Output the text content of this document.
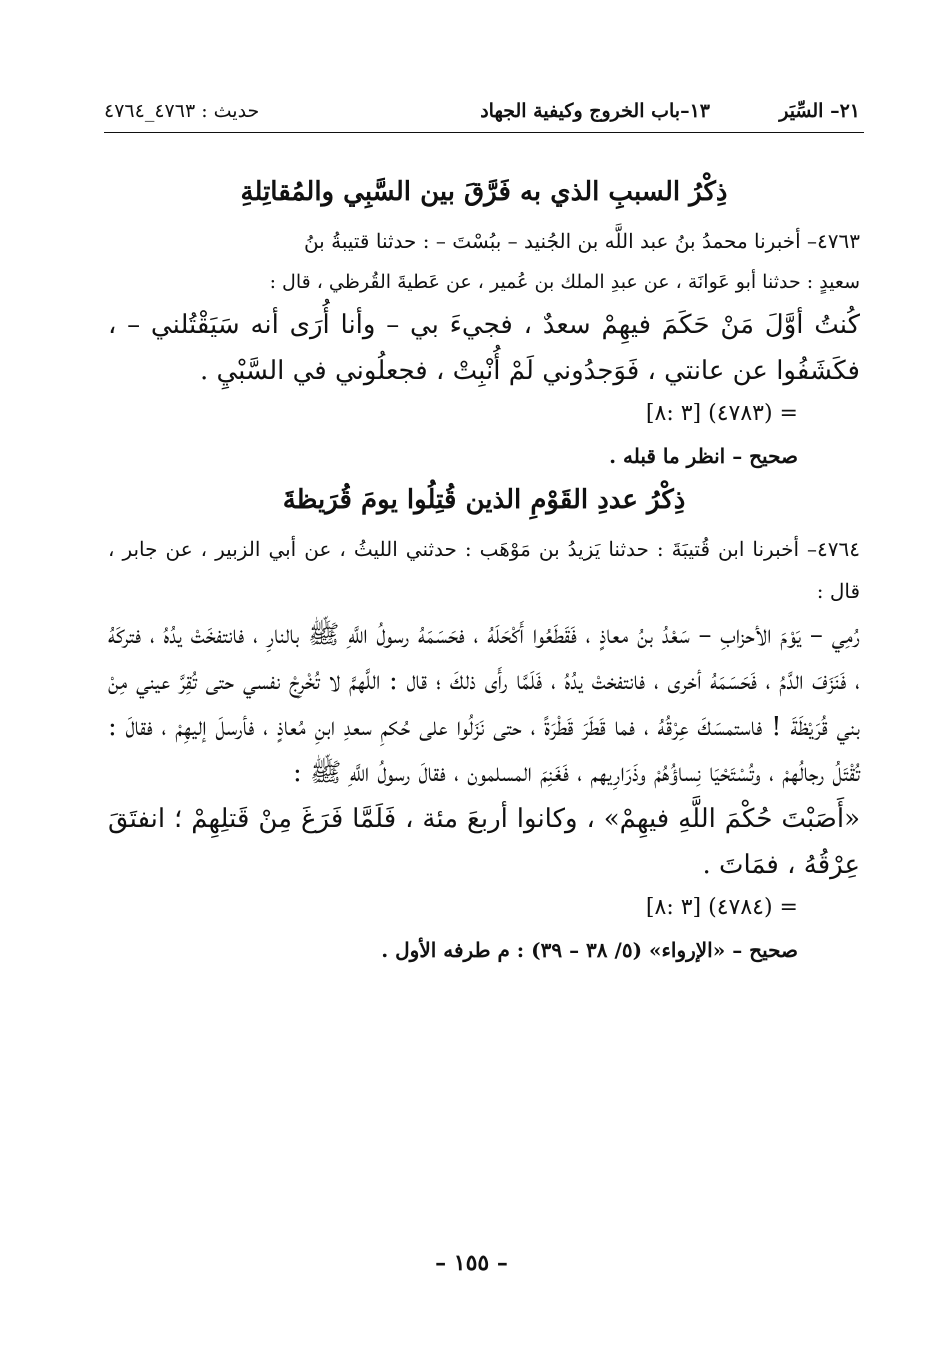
٢١– السِّيَر
١٣–باب الخروج وكيفية الجهاد
حديث : ٤٧٦٣_٤٧٦٤
ذِكْرُ السببِ الذي به فَرَّقَ بين السَّبِي والمُقاتِلةِ

٤٧٦٣– أخبرنا محمدُ بنُ عبد اللَّه بن الجُنيد – ببُسْتَ – : حدثنا قتيبةُ بنُ

سعيدٍ : حدثنا أبو عَوانَة ، عن عبدِ الملك بن عُمير ، عن عَطيةَ القُرظي ، قال :

كُنتُ أوَّلَ مَنْ حَكَمَ فيهِمْ سعدٌ ، فجيءَ بي – وأنا أُرَى أنه سَيَقْتُلني – ، فكَشَفُوا عن عانتي ، فَوَجدُوني لَمْ أُنْبِتْ ، فجعلُوني في السَّبْيِ .

= (٤٧٨٣) [٣ :٨]

صحيح – انظر ما قبله .

ذِكْرُ عددِ القَوْمِ الذين قُتِلُوا يومَ قُرَيظةَ

٤٧٦٤– أخبرنا ابن قُتيبَةَ : حدثنا يَزيدُ بن مَوْهَب : حدثني الليثُ ، عن أبي الزبير ، عن جابر ، قال :

رُمِي – يَوْمَ الأحزابِ – سَعْدُ بنُ معاذٍ ، فَقَطَعُوا أَكْحَلَهُ ، فحَسَمَهُ رسولُ اللَّهِ ﷺ بالنارِ ، فانتفخَتْ يدُهُ ، فتركَهُ ، فَنَزَفَ الدَّمُ ، فَحَسَمَهُ أخرى ، فانتفختْ يدُهُ ، فَلَمَّا رأَى ذلكَ ؛ قال : اللَّهمَّ لا تُخْرِجْ نفسي حتى تُقِرَّ عيني مِنْ بني قُرَيْظَةَ ! فاستمسَكَ عِرْقُهُ ، فما قَطَرَ قَطْرَةً ، حتى نَزَلُوا على حُكمِ سعدِ ابنِ مُعاذٍ ، فأرسلَ إليهِمْ ، فقالَ : تُقْتَلُ رجالُهمْ ، وتُسْتَحْيَا نِساؤُهُمْ وذَرَارِيهم ، فَغَنِمَ المسلمون ، فقالَ رسولُ اللَّهِ ﷺ :

«أَصَبْتَ حُكْمَ اللَّهِ فيهِمْ» ، وكانوا أربعَ مئة ، فَلَمَّا فَرَغَ مِنْ قَتلِهِمْ ؛ انفتَقَ عِرْقُهُ ، فمَاتَ .

= (٤٧٨٤) [٣ :٨]

صحيح – «الإرواء» (٥/ ٣٨ – ٣٩) : م طرفه الأول .

– ١٥٥ –
